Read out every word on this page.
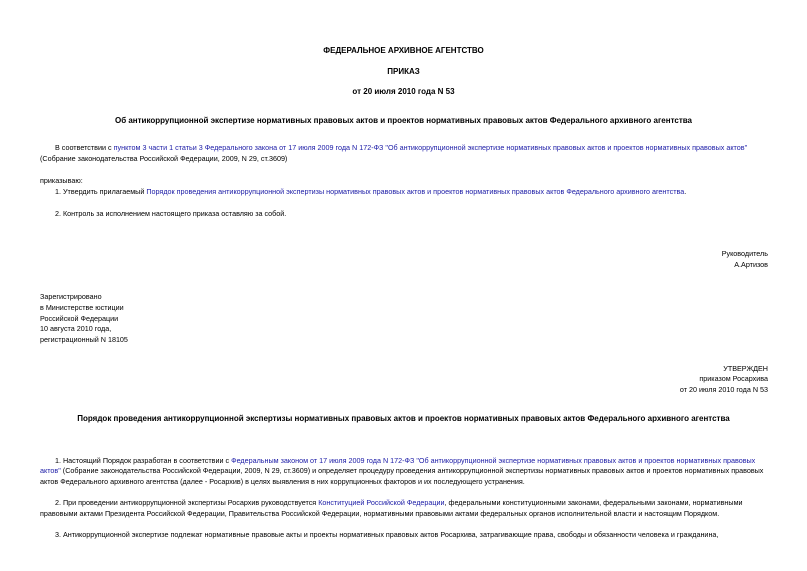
ФЕДЕРАЛЬНОЕ АРХИВНОЕ АГЕНТСТВО
ПРИКАЗ
от 20 июля 2010 года N 53
Об антикоррупционной экспертизе нормативных правовых актов и проектов нормативных правовых актов Федерального архивного агентства
В соответствии с пунктом 3 части 1 статьи 3 Федерального закона от 17 июля 2009 года N 172-ФЗ "Об антикоррупционной экспертизе нормативных правовых актов и проектов нормативных правовых актов"
(Собрание законодательства Российской Федерации, 2009, N 29, ст.3609)
приказываю:
1. Утвердить прилагаемый Порядок проведения антикоррупционной экспертизы нормативных правовых актов и проектов нормативных правовых актов Федерального архивного агентства.
2. Контроль за исполнением настоящего приказа оставляю за собой.
Руководитель
А.Артизов
Зарегистрировано
в Министерстве юстиции
Российской Федерации
10 августа 2010 года,
регистрационный N 18105
УТВЕРЖДЕН
приказом Росархива
от 20 июля 2010 года N 53
Порядок проведения антикоррупционной экспертизы нормативных правовых актов и проектов нормативных правовых актов Федерального архивного агентства
1. Настоящий Порядок разработан в соответствии с Федеральным законом от 17 июля 2009 года N 172-ФЗ "Об антикоррупционной экспертизе нормативных правовых актов и проектов нормативных правовых
актов" (Собрание законодательства Российской Федерации, 2009, N 29, ст.3609) и определяет процедуру проведения антикоррупционной экспертизы нормативных правовых актов и проектов нормативных правовых
актов Федерального архивного агентства (далее - Росархив) в целях выявления в них коррупционных факторов и их последующего устранения.
2. При проведении антикоррупционной экспертизы Росархив руководствуется Конституцией Российской Федерации, федеральными конституционными законами, федеральными законами, нормативными
правовыми актами Президента Российской Федерации, Правительства Российской Федерации, нормативными правовыми актами федеральных органов исполнительной власти и настоящим Порядком.
3. Антикоррупционной экспертизе подлежат нормативные правовые акты и проекты нормативных правовых актов Росархива, затрагивающие права, свободы и обязанности человека и гражданина,
